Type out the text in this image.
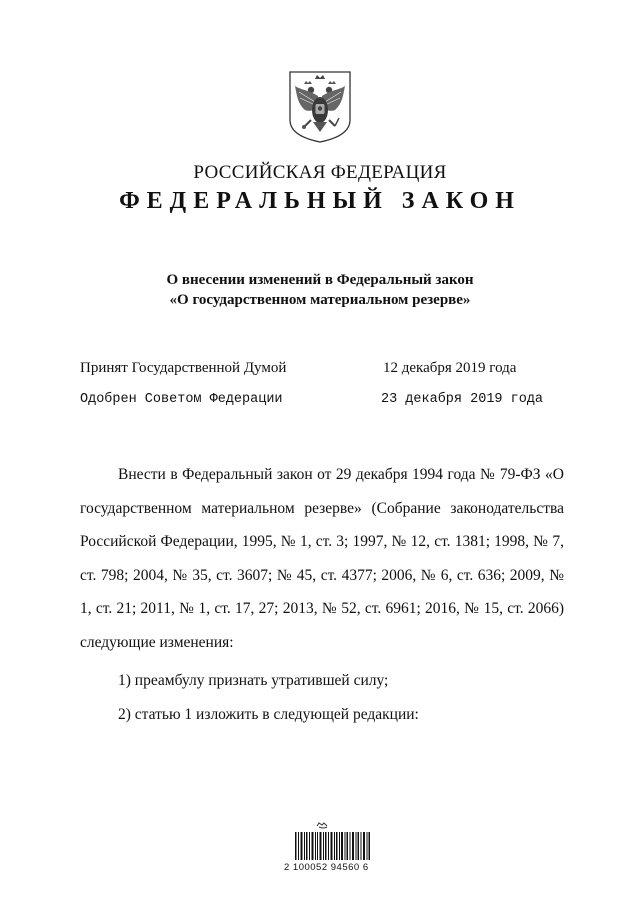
РОССИЙСКАЯ ФЕДЕРАЦИЯ
ФЕДЕРАЛЬНЫЙ ЗАКОН
О внесении изменений в Федеральный закон
«О государственном материальном резерве»
Принят Государственной Думой	12 декабря 2019 года
Одобрен Советом Федерации	23 декабря 2019 года

Внести в Федеральный закон от 29 декабря 1994 года № 79-ФЗ «О государственном материальном резерве» (Собрание законодательства Российской Федерации, 1995, № 1, ст. 3; 1997, № 12, ст. 1381; 1998, № 7, ст. 798; 2004, № 35, ст. 3607; № 45, ст. 4377; 2006, № 6, ст. 636; 2009, № 1, ст. 21; 2011, № 1, ст. 17, 27; 2013, № 52, ст. 6961; 2016, № 15, ст. 2066) следующие изменения:

1) преамбулу признать утратившей силу;
2) статью 1 изложить в следующей редакции:
2 100052 94560 6
